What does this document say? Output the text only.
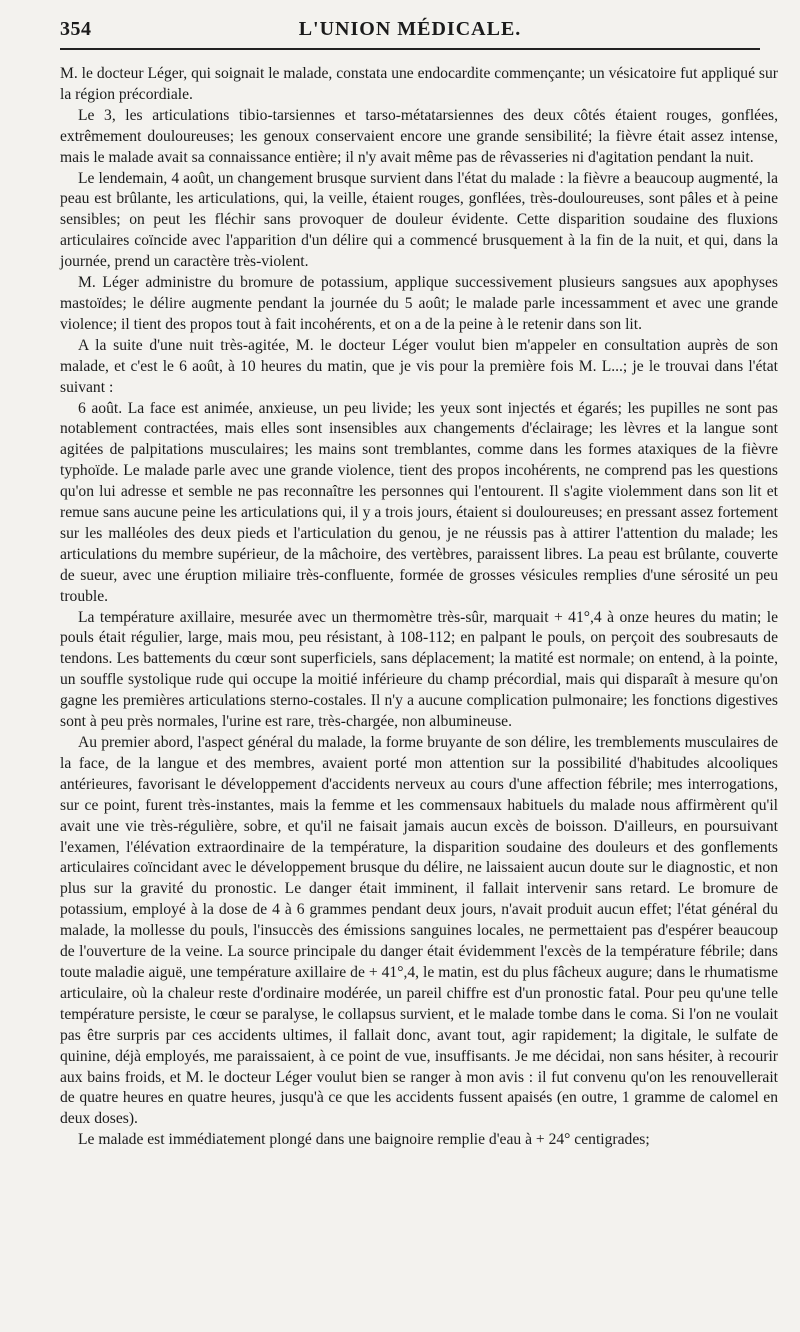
354	L'UNION MÉDICALE.

M. le docteur Léger, qui soignait le malade, constata une endocardite commençante; un vésicatoire fut appliqué sur la région précordiale.

Le 3, les articulations tibio-tarsiennes et tarso-métatarsiennes des deux côtés étaient rouges, gonflées, extrêmement douloureuses; les genoux conservaient encore une grande sensibilité; la fièvre était assez intense, mais le malade avait sa connaissance entière; il n'y avait même pas de rêvasseries ni d'agitation pendant la nuit.

Le lendemain, 4 août, un changement brusque survient dans l'état du malade : la fièvre a beaucoup augmenté, la peau est brûlante, les articulations, qui, la veille, étaient rouges, gonflées, très-douloureuses, sont pâles et à peine sensibles; on peut les fléchir sans provoquer de douleur évidente. Cette disparition soudaine des fluxions articulaires coïncide avec l'apparition d'un délire qui a commencé brusquement à la fin de la nuit, et qui, dans la journée, prend un caractère très-violent.

M. Léger administre du bromure de potassium, applique successivement plusieurs sangsues aux apophyses mastoïdes; le délire augmente pendant la journée du 5 août; le malade parle incessamment et avec une grande violence; il tient des propos tout à fait incohérents, et on a de la peine à le retenir dans son lit.

A la suite d'une nuit très-agitée, M. le docteur Léger voulut bien m'appeler en consultation auprès de son malade, et c'est le 6 août, à 10 heures du matin, que je vis pour la première fois M. L...; je le trouvai dans l'état suivant :

6 août. La face est animée, anxieuse, un peu livide; les yeux sont injectés et égarés; les pupilles ne sont pas notablement contractées, mais elles sont insensibles aux changements d'éclairage; les lèvres et la langue sont agitées de palpitations musculaires; les mains sont tremblantes, comme dans les formes ataxiques de la fièvre typhoïde. Le malade parle avec une grande violence, tient des propos incohérents, ne comprend pas les questions qu'on lui adresse et semble ne pas reconnaître les personnes qui l'entourent. Il s'agite violemment dans son lit et remue sans aucune peine les articulations qui, il y a trois jours, étaient si douloureuses; en pressant assez fortement sur les malléoles des deux pieds et l'articulation du genou, je ne réussis pas à attirer l'attention du malade; les articulations du membre supérieur, de la mâchoire, des vertèbres, paraissent libres. La peau est brûlante, couverte de sueur, avec une éruption miliaire très-confluente, formée de grosses vésicules remplies d'une sérosité un peu trouble.

La température axillaire, mesurée avec un thermomètre très-sûr, marquait + 41°,4 à onze heures du matin; le pouls était régulier, large, mais mou, peu résistant, à 108-112; en palpant le pouls, on perçoit des soubresauts de tendons. Les battements du cœur sont superficiels, sans déplacement; la matité est normale; on entend, à la pointe, un souffle systolique rude qui occupe la moitié inférieure du champ précordial, mais qui disparaît à mesure qu'on gagne les premières articulations sterno-costales. Il n'y a aucune complication pulmonaire; les fonctions digestives sont à peu près normales, l'urine est rare, très-chargée, non albumineuse.

Au premier abord, l'aspect général du malade, la forme bruyante de son délire, les tremblements musculaires de la face, de la langue et des membres, avaient porté mon attention sur la possibilité d'habitudes alcooliques antérieures, favorisant le développement d'accidents nerveux au cours d'une affection fébrile; mes interrogations, sur ce point, furent très-instantes, mais la femme et les commensaux habituels du malade nous affirmèrent qu'il avait une vie très-régulière, sobre, et qu'il ne faisait jamais aucun excès de boisson. D'ailleurs, en poursuivant l'examen, l'élévation extraordinaire de la température, la disparition soudaine des douleurs et des gonflements articulaires coïncidant avec le développement brusque du délire, ne laissaient aucun doute sur le diagnostic, et non plus sur la gravité du pronostic. Le danger était imminent, il fallait intervenir sans retard. Le bromure de potassium, employé à la dose de 4 à 6 grammes pendant deux jours, n'avait produit aucun effet; l'état général du malade, la mollesse du pouls, l'insuccès des émissions sanguines locales, ne permettaient pas d'espérer beaucoup de l'ouverture de la veine. La source principale du danger était évidemment l'excès de la température fébrile; dans toute maladie aiguë, une température axillaire de + 41°,4, le matin, est du plus fâcheux augure; dans le rhumatisme articulaire, où la chaleur reste d'ordinaire modérée, un pareil chiffre est d'un pronostic fatal. Pour peu qu'une telle température persiste, le cœur se paralyse, le collapsus survient, et le malade tombe dans le coma. Si l'on ne voulait pas être surpris par ces accidents ultimes, il fallait donc, avant tout, agir rapidement; la digitale, le sulfate de quinine, déjà employés, me paraissaient, à ce point de vue, insuffisants. Je me décidai, non sans hésiter, à recourir aux bains froids, et M. le docteur Léger voulut bien se ranger à mon avis : il fut convenu qu'on les renouvellerait de quatre heures en quatre heures, jusqu'à ce que les accidents fussent apaisés (en outre, 1 gramme de calomel en deux doses).

Le malade est immédiatement plongé dans une baignoire remplie d'eau à + 24° centigrades;
